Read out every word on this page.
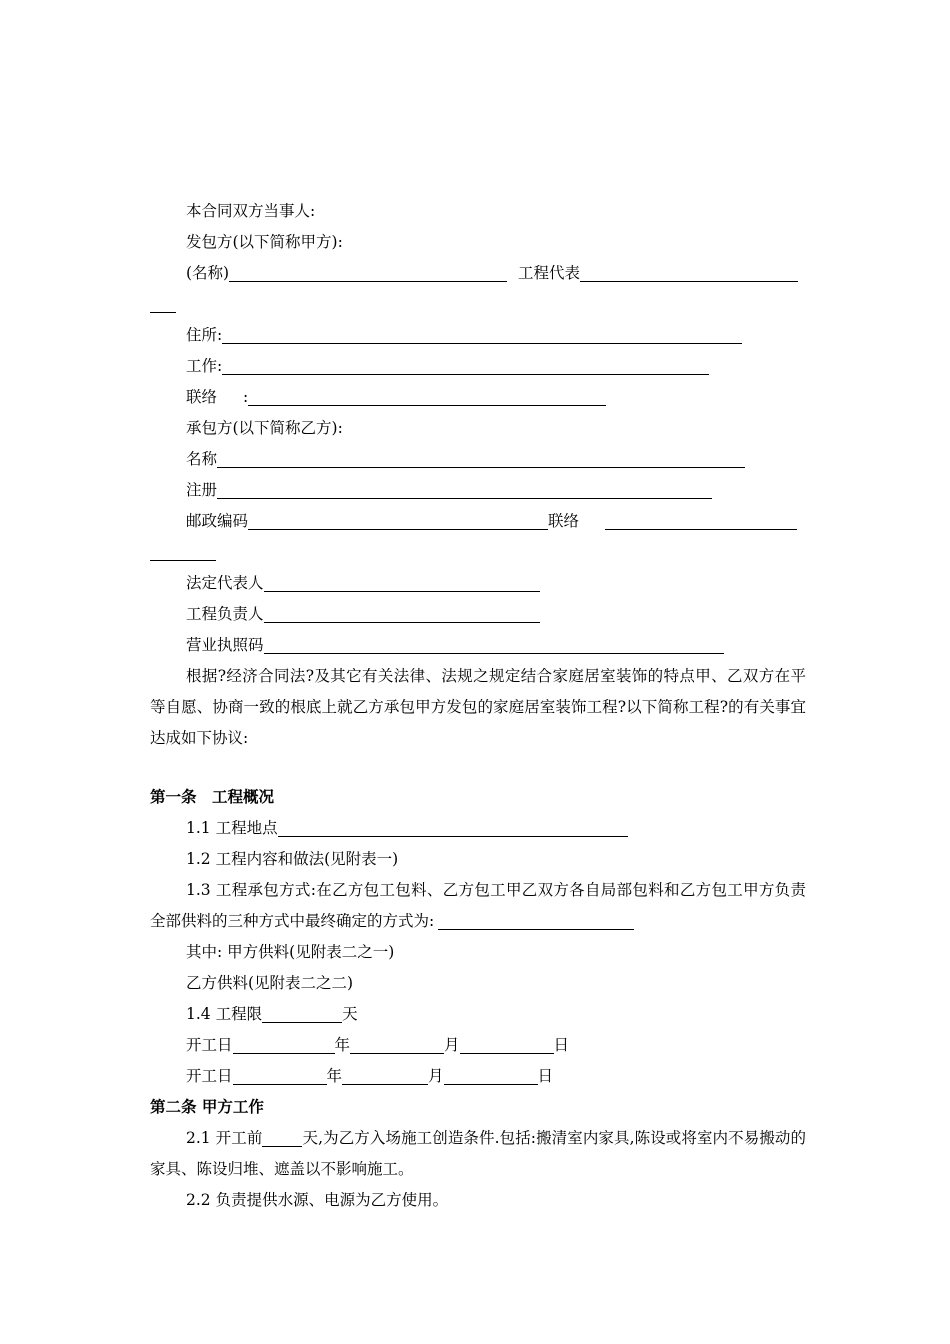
本合同双方当事人:
发包方(以下简称甲方):
(名称)	工程代表
住所:
工作:
联络 :
承包方(以下简称乙方):
名称
注册
邮政编码	联络
法定代表人
工程负责人
营业执照码
根据?经济合同法?及其它有关法律、法规之规定结合家庭居室装饰的特点甲、乙双方在平等自愿、协商一致的根底上就乙方承包甲方发包的家庭居室装饰工程?以下简称工程?的有关事宜达成如下协议:
第一条　工程概况
1.1 工程地点
1.2 工程内容和做法(见附表一)
1.3 工程承包方式:在乙方包工包料、乙方包工甲乙双方各自局部包料和乙方包工甲方负责全部供料的三种方式中最终确定的方式为:
其中: 甲方供料(见附表二之一)
乙方供料(见附表二之二)
1.4 工程限	天
开工日	年	月	日
开工日	年	月	日
第二条 甲方工作
2.1 开工前	天,为乙方入场施工创造条件.包括:搬清室内家具,陈设或将室内不易搬动的家具、陈设归堆、遮盖以不影响施工。
2.2 负责提供水源、电源为乙方使用。
